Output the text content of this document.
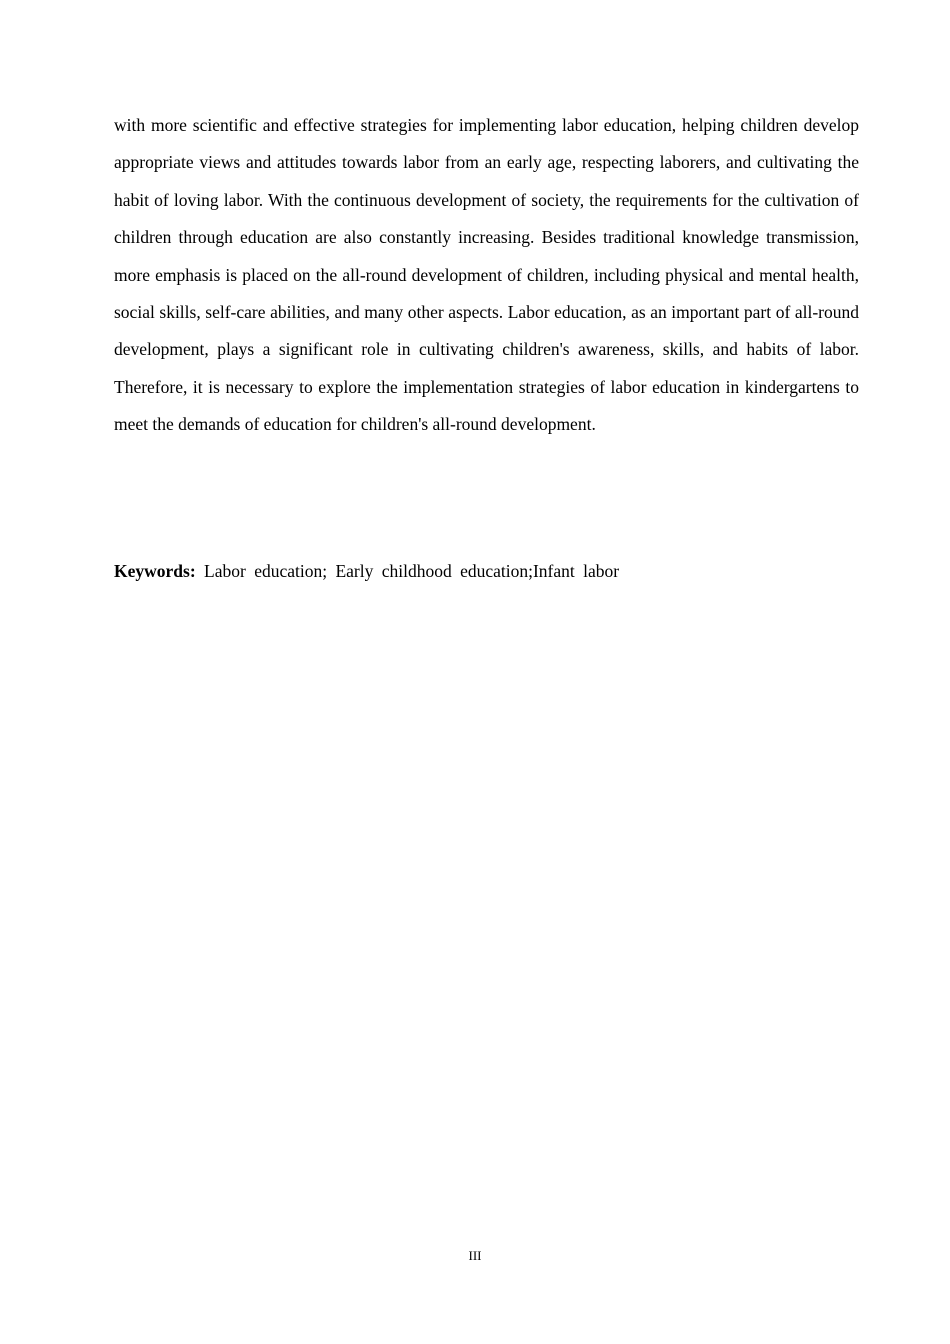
with more scientific and effective strategies for implementing labor education, helping children develop appropriate views and attitudes towards labor from an early age, respecting laborers, and cultivating the habit of loving labor. With the continuous development of society, the requirements for the cultivation of children through education are also constantly increasing. Besides traditional knowledge transmission, more emphasis is placed on the all-round development of children, including physical and mental health, social skills, self-care abilities, and many other aspects. Labor education, as an important part of all-round development, plays a significant role in cultivating children's awareness, skills, and habits of labor. Therefore, it is necessary to explore the implementation strategies of labor education in kindergartens to meet the demands of education for children's all-round development.

Keywords: Labor education; Early childhood education;Infant labor

III
